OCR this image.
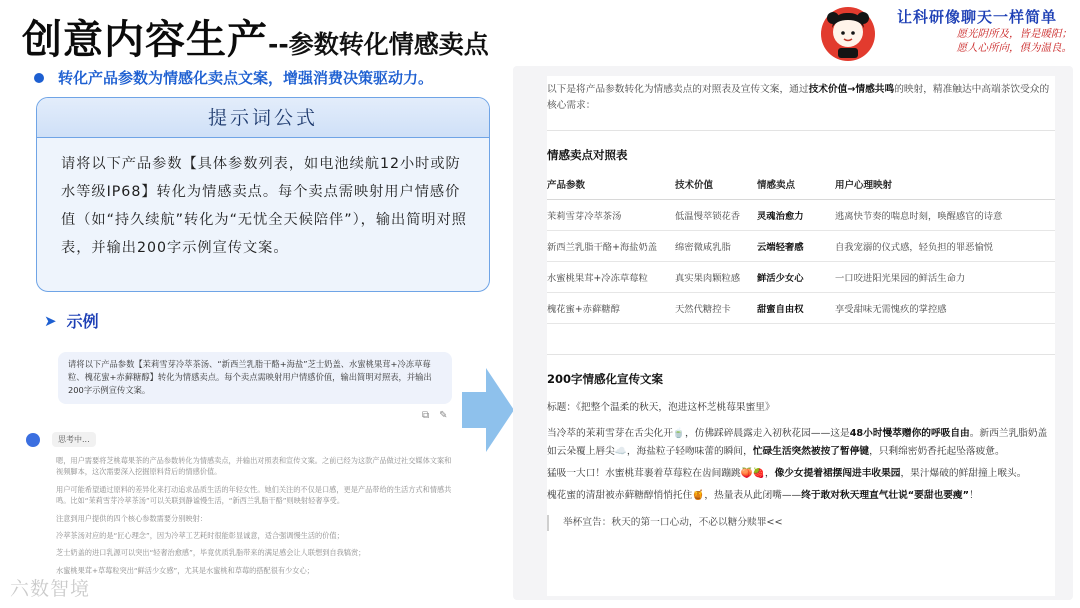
创意内容生产--参数转化情感卖点
让科研像聊天一样简单
愿光阴所及，皆是暖阳；
愿人心所向，俱为温良。
转化产品参数为情感化卖点文案，增强消费决策驱动力。
提示词公式
请将以下产品参数【具体参数列表，如电池续航12小时或防水等级IP68】转化为情感卖点。每个卖点需映射用户情感价值（如“持久续航”转化为“无忧全天候陪伴”），输出简明对照表，并输出200字示例宣传文案。
➤ 示例
请将以下产品参数【茉莉雪芽冷萃茶汤、“新西兰乳脂干酪+海盐”芝士奶盖、水蜜桃果茸+冷冻草莓粒、槐花蜜+赤藓糖醇】转化为情感卖点。每个卖点需映射用户情感价值，输出简明对照表，并输出200字示例宣传文案。
⧉ ✎
思考中...

嗯，用户需要将芝桃莓果茶的产品参数转化为情感卖点，并输出对照表和宣传文案。之前已经为这款产品做过社交媒体文案和视频脚本，这次需要深入挖掘原料背后的情感价值。

用户可能希望通过原料的差异化来打动追求品质生活的年轻女性。她们关注的不仅是口感，更是产品带给的生活方式和情感共鸣。比如“茉莉雪芽冷萃茶汤”可以关联到静谧慢生活，“新西兰乳脂干酪”则映射轻奢享受。

注意到用户提供的四个核心参数需要分别映射：

冷萃茶汤对应的是“匠心理念”，因为冷萃工艺耗时很能彰显诚意，适合强调慢生活的价值；

芝士奶盖的进口乳源可以突出“轻奢治愈感”，毕竟优质乳脂带来的满足感会让人联想到自我犒赏；

水蜜桃果茸+草莓粒突出“鲜活少女感”，尤其是水蜜桃和草莓的搭配很有少女心；

六数智境
以下是将产品参数转化为情感卖点的对照表及宣传文案，通过技术价值→情感共鸣的映射，精准触达中高端茶饮受众的核心需求：
情感卖点对照表
产品参数	技术价值	情感卖点	用户心理映射
茉莉雪芽冷萃茶汤	低温慢萃锁花香	灵魂治愈力	逃离快节奏的喘息时刻，唤醒感官的诗意
新西兰乳脂干酪+海盐奶盖	绵密微咸乳脂	云端轻奢感	自我宠溺的仪式感，轻负担的罪恶愉悦
水蜜桃果茸+冷冻草莓粒	真实果肉颗粒感	鲜活少女心	一口咬进阳光果园的鲜活生命力
槐花蜜+赤藓糖醇	天然代糖控卡	甜蜜自由权	享受甜味无需愧疚的掌控感
200字情感化宣传文案
标题：《把整个温柔的秋天，泡进这杯芝桃莓果蜜里》
当冷萃的茉莉雪芽在舌尖化开🍵，仿佛踩碎晨露走入初秋花园——这是48小时慢萃赠你的呼吸自由。新西兰乳脂奶盖如云朵覆上唇尖☁️，海盐粒子轻吻味蕾的瞬间，忙碌生活突然被按了暂停键，只剩绵密奶香托起坠落疲惫。
猛吸一大口！水蜜桃茸裹着草莓粒在齿间蹦跳🍑🍓，像少女提着裙摆闯进丰收果园，果汁爆破的鲜甜撞上喉头。
槐花蜜的清甜被赤藓糖醇悄悄托住🍯，热量表从此闭嘴——终于敢对秋天理直气壮说“要甜也要瘦”！
举杯宣告：秋天的第一口心动，不必以糖分赎罪<<
